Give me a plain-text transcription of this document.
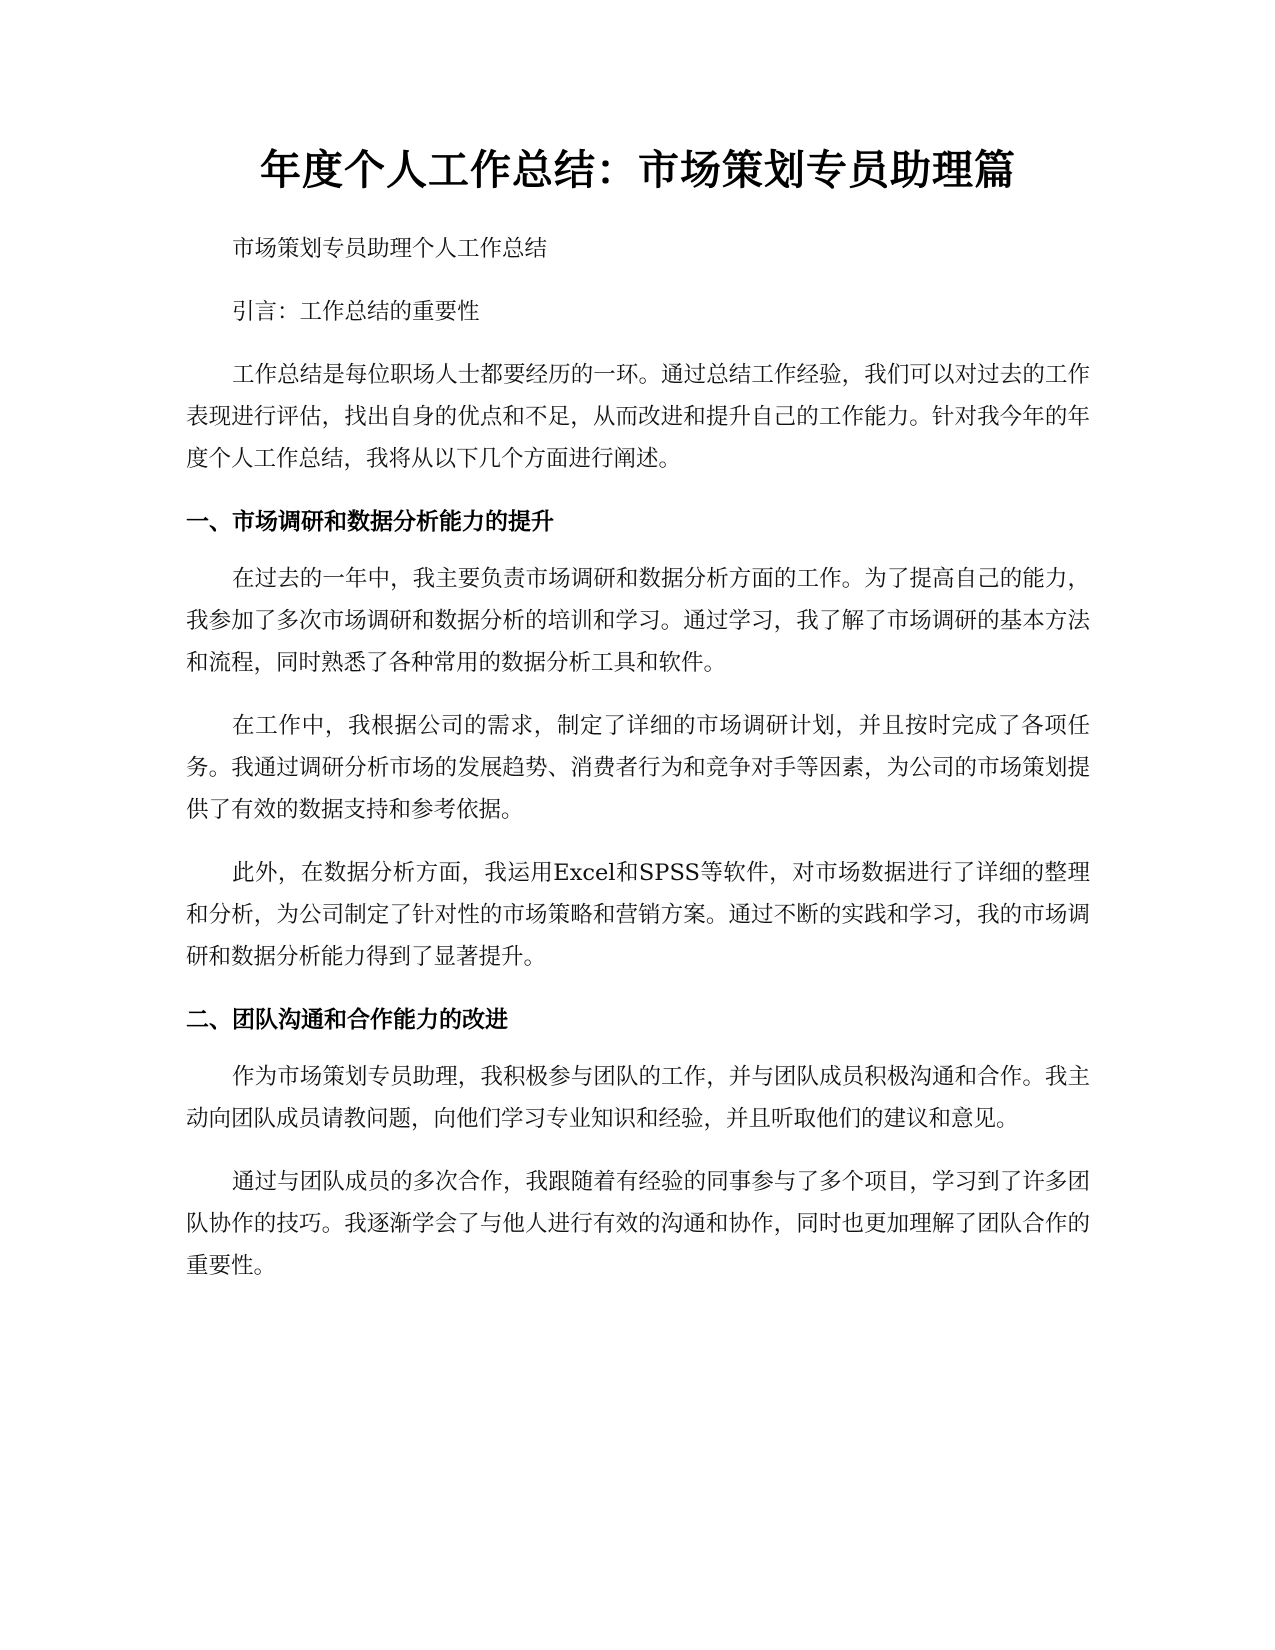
年度个人工作总结：市场策划专员助理篇

市场策划专员助理个人工作总结

引言：工作总结的重要性

工作总结是每位职场人士都要经历的一环。通过总结工作经验，我们可以对过去的工作表现进行评估，找出自身的优点和不足，从而改进和提升自己的工作能力。针对我今年的年度个人工作总结，我将从以下几个方面进行阐述。

一、市场调研和数据分析能力的提升

在过去的一年中，我主要负责市场调研和数据分析方面的工作。为了提高自己的能力，我参加了多次市场调研和数据分析的培训和学习。通过学习，我了解了市场调研的基本方法和流程，同时熟悉了各种常用的数据分析工具和软件。

在工作中，我根据公司的需求，制定了详细的市场调研计划，并且按时完成了各项任务。我通过调研分析市场的发展趋势、消费者行为和竞争对手等因素，为公司的市场策划提供了有效的数据支持和参考依据。

此外，在数据分析方面，我运用Excel和SPSS等软件，对市场数据进行了详细的整理和分析，为公司制定了针对性的市场策略和营销方案。通过不断的实践和学习，我的市场调研和数据分析能力得到了显著提升。

二、团队沟通和合作能力的改进

作为市场策划专员助理，我积极参与团队的工作，并与团队成员积极沟通和合作。我主动向团队成员请教问题，向他们学习专业知识和经验，并且听取他们的建议和意见。

通过与团队成员的多次合作，我跟随着有经验的同事参与了多个项目，学习到了许多团队协作的技巧。我逐渐学会了与他人进行有效的沟通和协作，同时也更加理解了团队合作的重要性。
